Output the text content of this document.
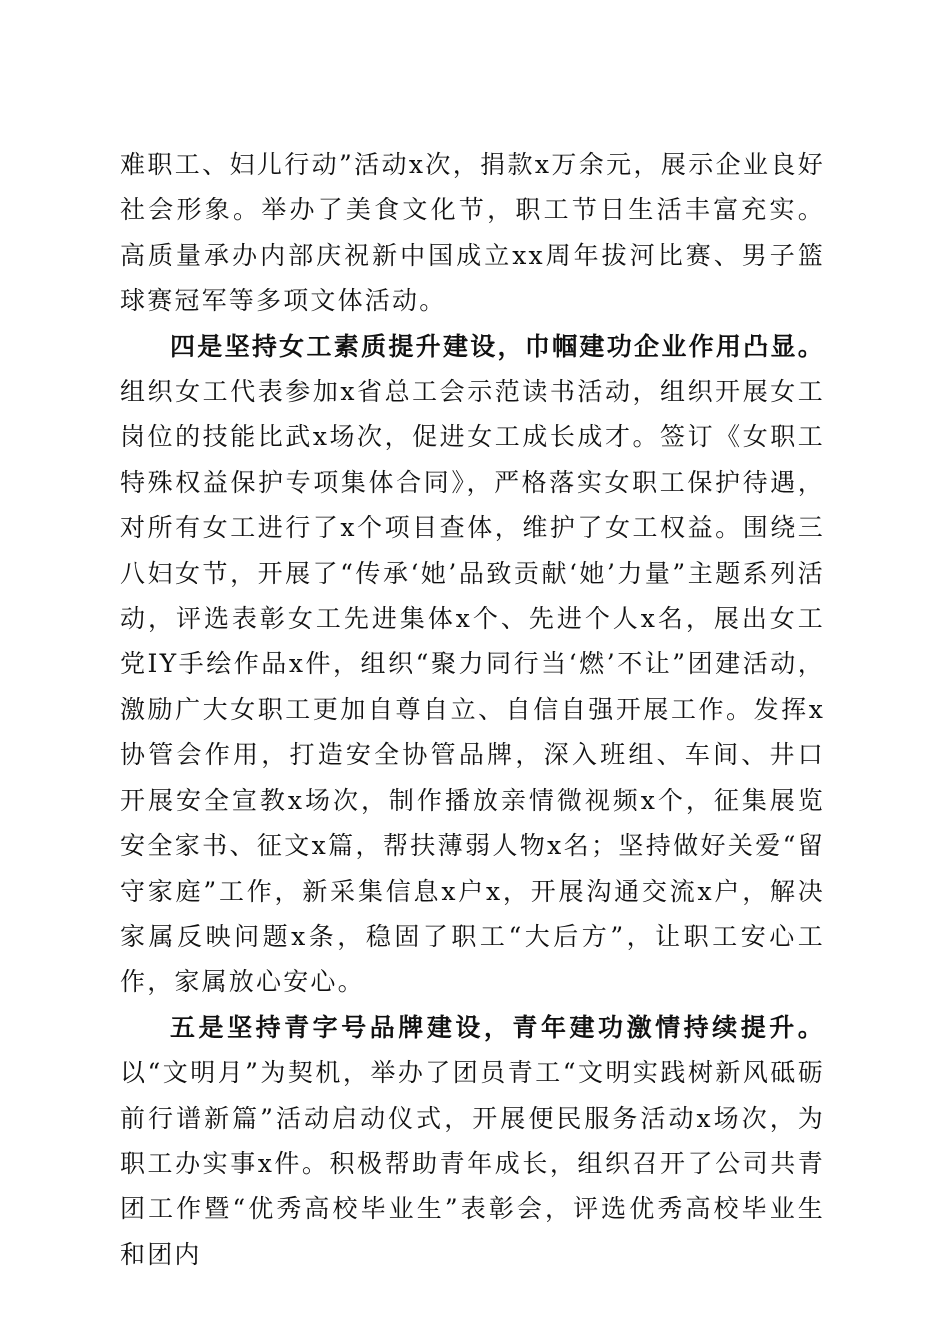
难职工、妇儿行动”活动x次，捐款x万余元，展示企业良好社会形象。举办了美食文化节，职工节日生活丰富充实。高质量承办内部庆祝新中国成立xx周年拔河比赛、男子篮球赛冠军等多项文体活动。

四是坚持女工素质提升建设，巾帼建功企业作用凸显。组织女工代表参加x省总工会示范读书活动，组织开展女工岗位的技能比武x场次，促进女工成长成才。签订《女职工特殊权益保护专项集体合同》，严格落实女职工保护待遇，对所有女工进行了x个项目查体，维护了女工权益。围绕三八妇女节，开展了“传承‘她’品致贡献‘她’力量”主题系列活动，评选表彰女工先进集体x个、先进个人x名，展出女工党IY手绘作品x件，组织“聚力同行当‘燃’不让”团建活动，激励广大女职工更加自尊自立、自信自强开展工作。发挥x协管会作用，打造安全协管品牌，深入班组、车间、井口开展安全宣教x场次，制作播放亲情微视频x个，征集展览安全家书、征文x篇，帮扶薄弱人物x名；坚持做好关爱“留守家庭”工作，新采集信息x户x，开展沟通交流x户，解决家属反映问题x条，稳固了职工“大后方”，让职工安心工作，家属放心安心。

五是坚持青字号品牌建设，青年建功激情持续提升。以“文明月”为契机，举办了团员青工“文明实践树新风砥砺前行谱新篇”活动启动仪式，开展便民服务活动x场次，为职工办实事x件。积极帮助青年成长，组织召开了公司共青团工作暨“优秀高校毕业生”表彰会，评选优秀高校毕业生和团内
